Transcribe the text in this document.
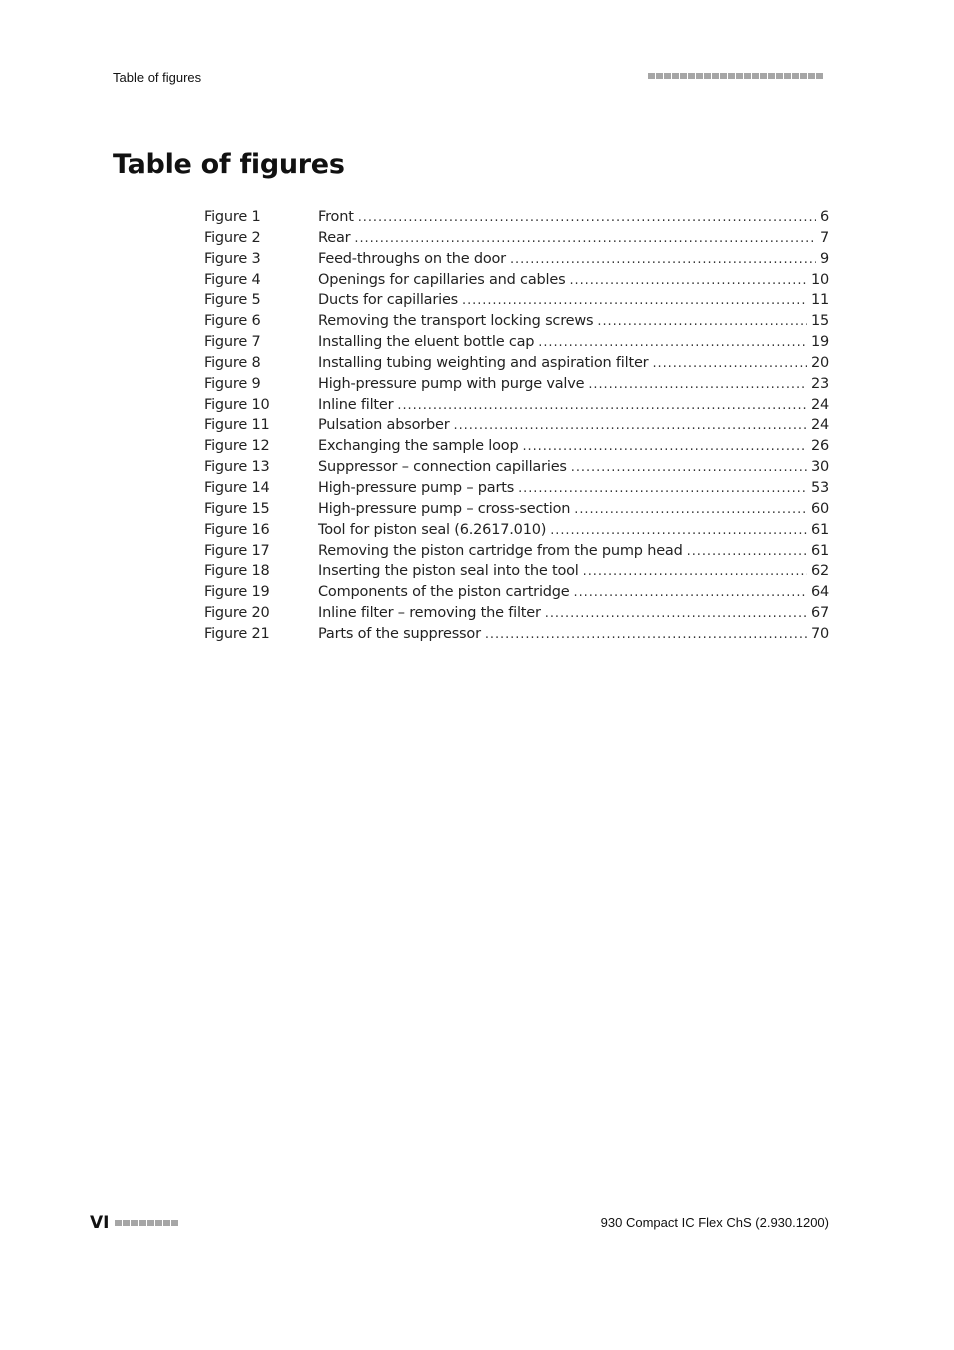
Table of figures
Table of figures
Figure 1	Front . . .	6
Figure 2	Rear . . .	7
Figure 3	Feed-throughs on the door . . .	9
Figure 4	Openings for capillaries and cables . . .	10
Figure 5	Ducts for capillaries . . .	11
Figure 6	Removing the transport locking screws . . .	15
Figure 7	Installing the eluent bottle cap . . .	19
Figure 8	Installing tubing weighting and aspiration filter . . .	20
Figure 9	High-pressure pump with purge valve . . .	23
Figure 10	Inline filter . . .	24
Figure 11	Pulsation absorber . . .	24
Figure 12	Exchanging the sample loop . . .	26
Figure 13	Suppressor – connection capillaries . . .	30
Figure 14	High-pressure pump – parts . . .	53
Figure 15	High-pressure pump – cross-section . . .	60
Figure 16	Tool for piston seal (6.2617.010) . . .	61
Figure 17	Removing the piston cartridge from the pump head . . .	61
Figure 18	Inserting the piston seal into the tool . . .	62
Figure 19	Components of the piston cartridge . . .	64
Figure 20	Inline filter – removing the filter . . .	67
Figure 21	Parts of the suppressor . . .	70
VI	930 Compact IC Flex ChS (2.930.1200)
